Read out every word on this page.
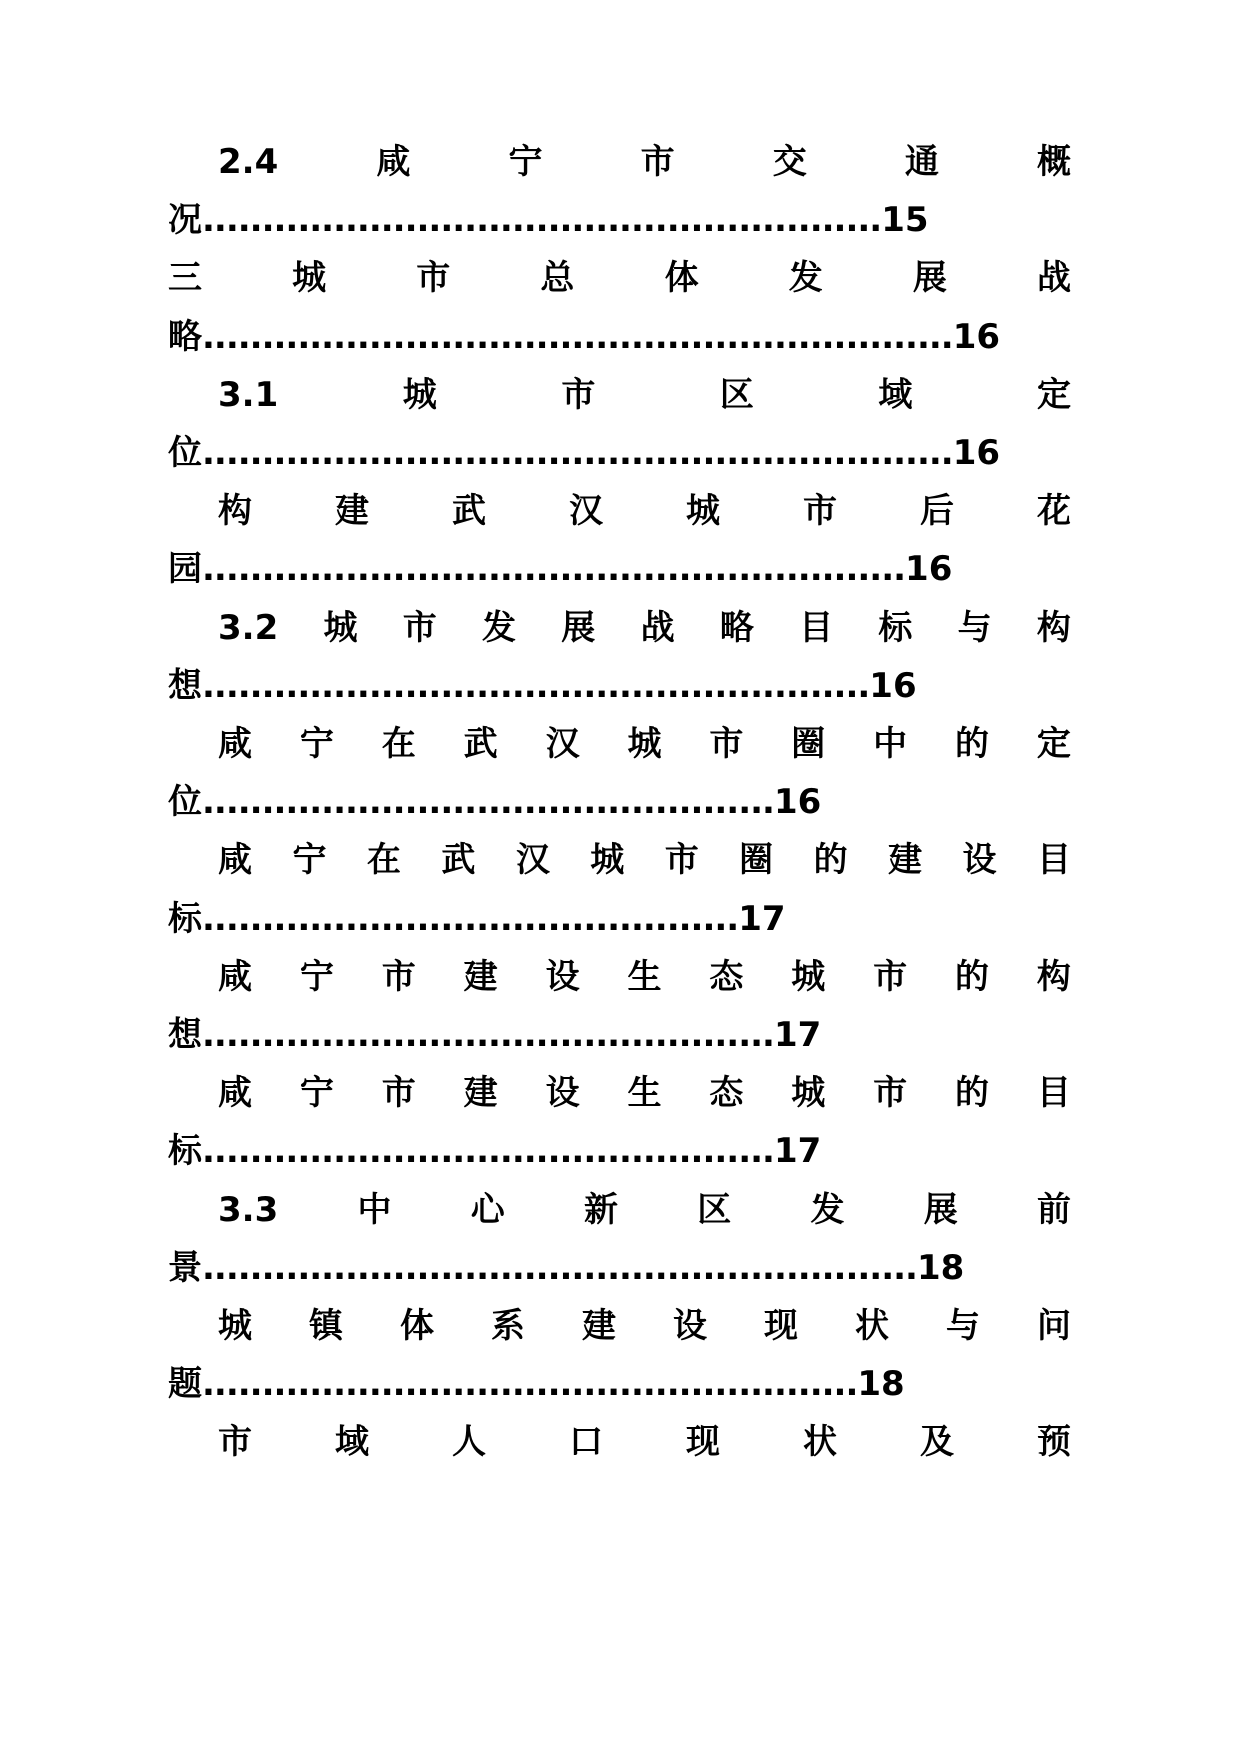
2.4	咸	宁	市	交	通	概
况 ......................................................... 15
三	城	市	总	体	发	展	战
略 ............................................................... 16
3.1	城	市	区	域	定
位 ............................................................... 16
构 建 武 汉 城 市 后 花
园 ........................................................... 16
3.2 城 市 发 展 战 略 目 标 与 构
想 ........................................................ 16
咸 宁 在 武 汉 城 市 圈 中 的 定
位 ................................................ 16
咸 宁 在 武 汉 城 市 圈 的 建 设 目
标 ............................................. 17
咸 宁 市 建 设 生 态 城 市 的 构
想 ................................................ 17
咸 宁 市 建 设 生 态 城 市 的 目
标 ................................................ 17
3.3 中 心 新 区 发 展 前
景 ............................................................ 18
城 镇 体 系 建 设 现 状 与 问
题 ....................................................... 18
市 域 人 口 现 状 及 预
